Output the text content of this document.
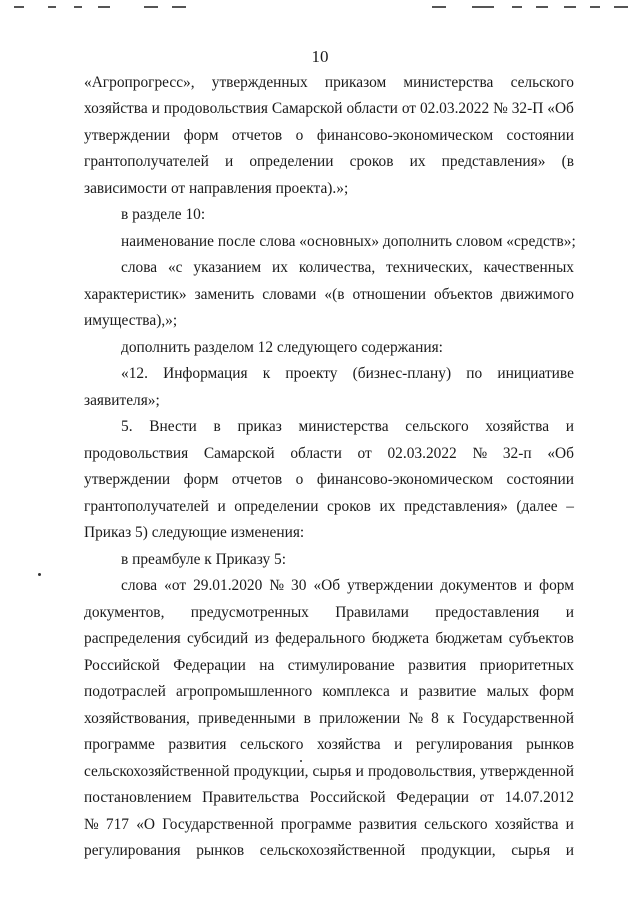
10
«Агропрогресс», утвержденных приказом министерства сельского
хозяйства и продовольствия Самарской области от 02.03.2022 № 32-П «Об
утверждении форм отчетов о финансово-экономическом состоянии
грантополучателей и определении сроков их представления» (в
зависимости от направления проекта).»;
в разделе 10:
наименование после слова «основных» дополнить словом «средств»;
слова «с указанием их количества, технических, качественных
характеристик» заменить словами «(в отношении объектов движимого
имущества),»;
дополнить разделом 12 следующего содержания:
«12. Информация к проекту (бизнес-плану) по инициативе
заявителя»;
5. Внести в приказ министерства сельского хозяйства и
продовольствия Самарской области от 02.03.2022 № 32-п «Об
утверждении форм отчетов о финансово-экономическом состоянии
грантополучателей и определении сроков их представления» (далее –
Приказ 5) следующие изменения:
в преамбуле к Приказу 5:
слова «от 29.01.2020 № 30 «Об утверждении документов и форм
документов, предусмотренных Правилами предоставления и
распределения субсидий из федерального бюджета бюджетам субъектов
Российской Федерации на стимулирование развития приоритетных
подотраслей агропромышленного комплекса и развитие малых форм
хозяйствования, приведенными в приложении № 8 к Государственной
программе развития сельского хозяйства и регулирования рынков
сельскохозяйственной продукции, сырья и продовольствия, утвержденной
постановлением Правительства Российской Федерации от 14.07.2012
№ 717 «О Государственной программе развития сельского хозяйства и
регулирования рынков сельскохозяйственной продукции, сырья и
